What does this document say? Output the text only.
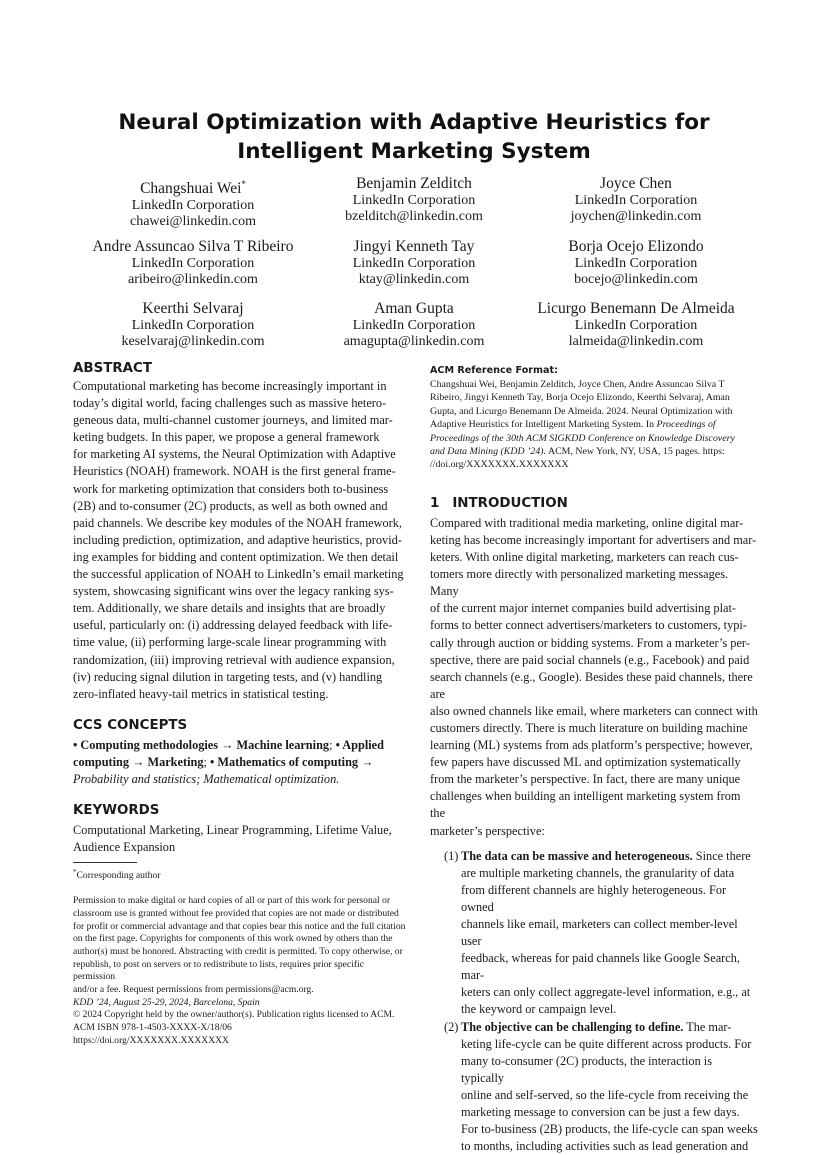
Neural Optimization with Adaptive Heuristics for Intelligent Marketing System
Changshuai Wei*
LinkedIn Corporation
chawei@linkedin.com
Benjamin Zelditch
LinkedIn Corporation
bzelditch@linkedin.com
Joyce Chen
LinkedIn Corporation
joychen@linkedin.com
Andre Assuncao Silva T Ribeiro
LinkedIn Corporation
aribeiro@linkedin.com
Jingyi Kenneth Tay
LinkedIn Corporation
ktay@linkedin.com
Borja Ocejo Elizondo
LinkedIn Corporation
bocejo@linkedin.com
Keerthi Selvaraj
LinkedIn Corporation
keselvaraj@linkedin.com
Aman Gupta
LinkedIn Corporation
amagupta@linkedin.com
Licurgo Benemann De Almeida
LinkedIn Corporation
lalmeida@linkedin.com
ABSTRACT
Computational marketing has become increasingly important in
today’s digital world, facing challenges such as massive hetero-
geneous data, multi-channel customer journeys, and limited mar-
keting budgets. In this paper, we propose a general framework
for marketing AI systems, the Neural Optimization with Adaptive
Heuristics (NOAH) framework. NOAH is the first general frame-
work for marketing optimization that considers both to-business
(2B) and to-consumer (2C) products, as well as both owned and
paid channels. We describe key modules of the NOAH framework,
including prediction, optimization, and adaptive heuristics, provid-
ing examples for bidding and content optimization. We then detail
the successful application of NOAH to LinkedIn’s email marketing
system, showcasing significant wins over the legacy ranking sys-
tem. Additionally, we share details and insights that are broadly
useful, particularly on: (i) addressing delayed feedback with life-
time value, (ii) performing large-scale linear programming with
randomization, (iii) improving retrieval with audience expansion,
(iv) reducing signal dilution in targeting tests, and (v) handling
zero-inflated heavy-tail metrics in statistical testing.
CCS CONCEPTS
• Computing methodologies → Machine learning; • Applied
computing → Marketing; • Mathematics of computing →
Probability and statistics; Mathematical optimization.
KEYWORDS
Computational Marketing, Linear Programming, Lifetime Value,
Audience Expansion
*Corresponding author
Permission to make digital or hard copies of all or part of this work for personal or
classroom use is granted without fee provided that copies are not made or distributed
for profit or commercial advantage and that copies bear this notice and the full citation
on the first page. Copyrights for components of this work owned by others than the
author(s) must be honored. Abstracting with credit is permitted. To copy otherwise, or
republish, to post on servers or to redistribute to lists, requires prior specific permission
and/or a fee. Request permissions from permissions@acm.org.
KDD ’24, August 25-29, 2024, Barcelona, Spain
© 2024 Copyright held by the owner/author(s). Publication rights licensed to ACM.
ACM ISBN 978-1-4503-XXXX-X/18/06
https://doi.org/XXXXXXX.XXXXXXX
ACM Reference Format:
Changshuai Wei, Benjamin Zelditch, Joyce Chen, Andre Assuncao Silva T
Ribeiro, Jingyi Kenneth Tay, Borja Ocejo Elizondo, Keerthi Selvaraj, Aman
Gupta, and Licurgo Benemann De Almeida. 2024. Neural Optimization with
Adaptive Heuristics for Intelligent Marketing System. In Proceedings of
Proceedings of the 30th ACM SIGKDD Conference on Knowledge Discovery
and Data Mining (KDD ’24). ACM, New York, NY, USA, 15 pages. https:
//doi.org/XXXXXXX.XXXXXXX
1 INTRODUCTION
Compared with traditional media marketing, online digital mar-
keting has become increasingly important for advertisers and mar-
keters. With online digital marketing, marketers can reach cus-
tomers more directly with personalized marketing messages. Many
of the current major internet companies build advertising plat-
forms to better connect advertisers/marketers to customers, typi-
cally through auction or bidding systems. From a marketer’s per-
spective, there are paid social channels (e.g., Facebook) and paid
search channels (e.g., Google). Besides these paid channels, there are
also owned channels like email, where marketers can connect with
customers directly. There is much literature on building machine
learning (ML) systems from ads platform’s perspective; however,
few papers have discussed ML and optimization systematically
from the marketer’s perspective. In fact, there are many unique
challenges when building an intelligent marketing system from the
marketer’s perspective:
(1) The data can be massive and heterogeneous. Since there
are multiple marketing channels, the granularity of data
from different channels are highly heterogeneous. For owned
channels like email, marketers can collect member-level user
feedback, whereas for paid channels like Google Search, mar-
keters can only collect aggregate-level information, e.g., at
the keyword or campaign level.
(2) The objective can be challenging to define. The mar-
keting life-cycle can be quite different across products. For
many to-consumer (2C) products, the interaction is typically
online and self-served, so the life-cycle from receiving the
marketing message to conversion can be just a few days.
For to-business (2B) products, the life-cycle can span weeks
to months, including activities such as lead generation and
